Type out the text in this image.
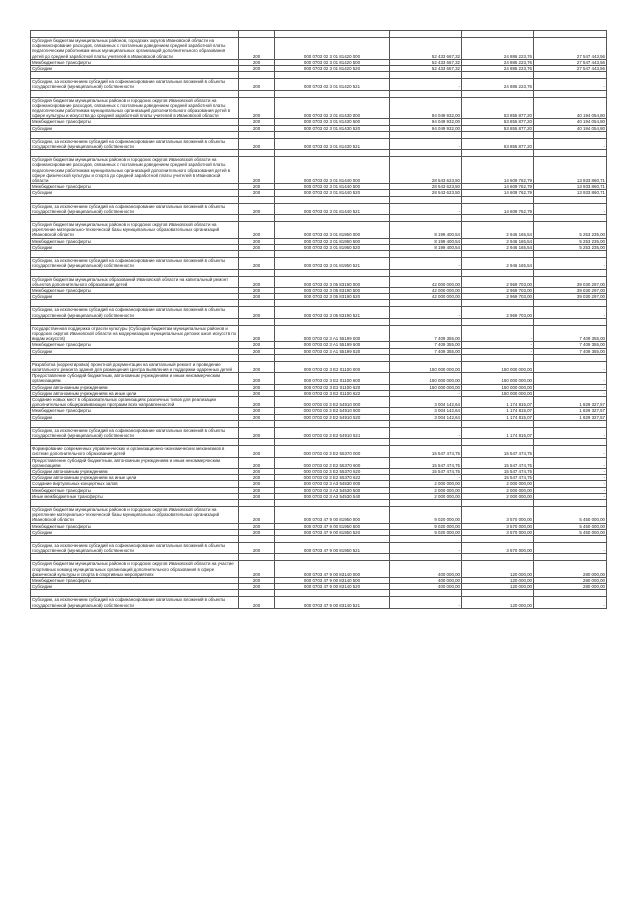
Субсидия бюджетам муниципальных районов, городских округов Ивановской области на софинансирование расходов, связанных с поэтапным доведением средней заработной платы педагогическим работникам иных муниципальных организаций дополнительного образования детей до средней заработной платы учителей в Ивановской области	200	000 0703 02 3 01 81420 000	52 433 667,32	24 886 223,76	27 547 443,56
Межбюджетные трансферты	200	000 0703 02 3 01 81420 500	52 433 667,32	24 886 223,76	27 547 443,56
Субсидии	200	000 0703 02 3 01 81420 520	52 433 667,32	24 886 223,76	27 547 443,56

Субсидии, за исключением субсидий на софинансирование капитальных вложений в объекты государственной (муниципальной) собственности	200	000 0703 02 3 01 81420 521	-	24 886 223,76	-

Субсидия бюджетам муниципальных районов и городских округов Ивановской области на софинансирование расходов, связанных с поэтапным доведением средней заработной платы педагогическим работникам муниципальных организаций дополнительного образования детей в сфере культуры и искусства до средней заработной платы учителей в Ивановской области	200	000 0703 02 3 01 81430 000	94 049 932,00	53 855 877,20	40 194 054,80
Межбюджетные трансферты	200	000 0703 02 3 01 81430 500	94 049 932,00	53 855 877,20	40 194 054,80
Субсидии	200	000 0703 02 3 01 81430 520	94 049 932,00	53 855 877,20	40 194 054,80

Субсидии, за исключением субсидий на софинансирование капитальных вложений в объекты государственной (муниципальной) собственности	200	000 0703 02 3 01 81430 521	-	53 855 877,20	-

Субсидия бюджетам муниципальных районов и городских округов Ивановской области на софинансирование расходов, связанных с поэтапным доведением средней заработной платы педагогическим работникам муниципальных организаций дополнительного образования детей в сфере физической культуры и спорта до средней заработной платы учителей в Ивановской области	200	000 0703 02 3 01 81440 000	28 543 623,50	14 609 762,79	13 933 860,71
Межбюджетные трансферты	200	000 0703 02 3 01 81440 500	28 543 623,50	14 609 762,79	13 933 860,71
Субсидии	200	000 0703 02 3 01 81440 520	28 543 623,50	14 609 762,79	13 933 860,71

Субсидии, за исключением субсидий на софинансирование капитальных вложений в объекты государственной (муниципальной) собственности	200	000 0703 02 3 01 81440 521	-	14 609 762,79	-

Субсидия бюджетам муниципальных районов и городских округов Ивановской области на укрепление материально-технической базы муниципальных образовательных организаций Ивановской области	200	000 0703 02 3 01 81950 000	8 199 400,54	2 946 165,54	5 253 235,00
Межбюджетные трансферты	200	000 0703 02 3 01 81950 500	8 199 400,54	2 946 165,54	5 253 235,00
Субсидии	200	000 0703 02 3 01 81950 520	8 199 400,54	2 946 165,54	5 253 235,00

Субсидии, за исключением субсидий на софинансирование капитальных вложений в объекты государственной (муниципальной) собственности	200	000 0703 02 3 01 81950 521	-	2 946 165,54	-

Субсидия бюджетам муниципальных образований Ивановской области на капитальный ремонт объектов дополнительного образования детей	200	000 0703 02 3 05 83190 000	42 000 000,00	2 969 703,00	39 030 297,00
Межбюджетные трансферты	200	000 0703 02 3 05 83190 500	42 000 000,00	2 969 703,00	39 030 297,00
Субсидии	200	000 0703 02 3 05 83190 520	42 000 000,00	2 969 703,00	39 030 297,00

Субсидии, за исключением субсидий на софинансирование капитальных вложений в объекты государственной (муниципальной) собственности	200	000 0703 02 3 05 83190 521	-	2 969 703,00	-

Государственная поддержка отрасли культуры (Субсидия бюджетам муниципальных районов и городских округов Ивановской области на модернизацию муниципальных детских школ искусств по видам искусств)	200	000 0703 02 3 A1 55199 000	7 409 355,00	-	7 409 355,00
Межбюджетные трансферты	200	000 0703 02 3 A1 55199 500	7 409 355,00	-	7 409 355,00
Субсидии	200	000 0703 02 3 A1 55199 520	7 409 355,00	-	7 409 355,00

Разработка (корректировка) проектной документации на капитальный ремонт и проведение капитального ремонта здания для размещения Центра выявления и поддержки одаренных детей	200	000 0703 02 3 E2 01100 000	150 000 000,00	150 000 000,00	-
Предоставление субсидий бюджетным, автономным учреждениям и иным некоммерческим организациям	200	000 0703 02 3 E2 01100 600	150 000 000,00	150 000 000,00	-
Субсидии автономным учреждениям	200	000 0703 02 3 E2 01100 620	150 000 000,00	150 000 000,00	-
Субсидии автономным учреждениям на иные цели	200	000 0703 02 3 E2 01100 622	-	150 000 000,00	-
Создание новых мест в образовательных организациях различных типов для реализации дополнительных общеразвивающих программ всех направленностей	200	000 0703 02 3 E2 54910 000	3 004 142,64	1 174 815,07	1 829 327,57
Межбюджетные трансферты	200	000 0703 02 3 E2 54910 500	3 004 142,64	1 174 815,07	1 829 327,57
Субсидии	200	000 0703 02 3 E2 54910 520	3 004 142,64	1 174 815,07	1 829 327,57

Субсидии, за исключением субсидий на софинансирование капитальных вложений в объекты государственной (муниципальной) собственности	200	000 0703 02 3 E2 54910 521	-	1 174 815,07	-

Формирование современных управленческих и организационно-экономических механизмов в системе дополнительного образования детей	200	000 0703 02 3 E2 55370 000	15 547 474,75	15 547 474,75	-
Предоставление субсидий бюджетным, автономным учреждениям и иным некоммерческим организациям	200	000 0703 02 3 E2 55370 600	15 547 474,75	15 547 474,75	-
Субсидии автономным учреждениям	200	000 0703 02 3 E2 55370 620	15 547 474,75	15 547 474,75	-
Субсидии автономным учреждениям на иные цели	200	000 0703 02 3 E2 55370 622	-	15 547 474,75	-
Создание виртуальных концертных залов	200	000 0703 02 3 A3 54530 000	2 000 000,00	2 000 000,00	-
Межбюджетные трансферты	200	000 0703 02 3 A3 54530 500	2 000 000,00	2 000 000,00	-
Иные межбюджетные трансферты	200	000 0703 02 3 A3 54530 540	2 000 000,00	2 000 000,00	-

Субсидия бюджетам муниципальных районов и городских округов Ивановской области на укрепление материально-технической базы муниципальных образовательных организаций Ивановской области	200	000 0703 47 9 00 81950 000	9 020 000,00	3 570 000,00	5 450 000,00
Межбюджетные трансферты	200	000 0703 47 9 00 81950 500	9 020 000,00	3 570 000,00	5 450 000,00
Субсидии	200	000 0703 47 9 00 81950 520	9 020 000,00	3 570 000,00	5 450 000,00

Субсидии, за исключением субсидий на софинансирование капитальных вложений в объекты государственной (муниципальной) собственности	200	000 0703 47 9 00 81950 521	-	3 570 000,00	-

Субсидия бюджетам муниципальных районов и городских округов Ивановской области на участие спортивных команд муниципальных организаций дополнительного образования в сфере физической культуры и спорта в спортивных мероприятиях	200	000 0703 47 9 00 83140 000	400 000,00	120 000,00	280 000,00
Межбюджетные трансферты	200	000 0703 47 9 00 83140 500	400 000,00	120 000,00	280 000,00
Субсидии	200	000 0703 47 9 00 83140 520	400 000,00	120 000,00	280 000,00

Субсидии, за исключением субсидий на софинансирование капитальных вложений в объекты государственной (муниципальной) собственности	200	000 0703 47 9 00 83140 521	-	120 000,00	-
